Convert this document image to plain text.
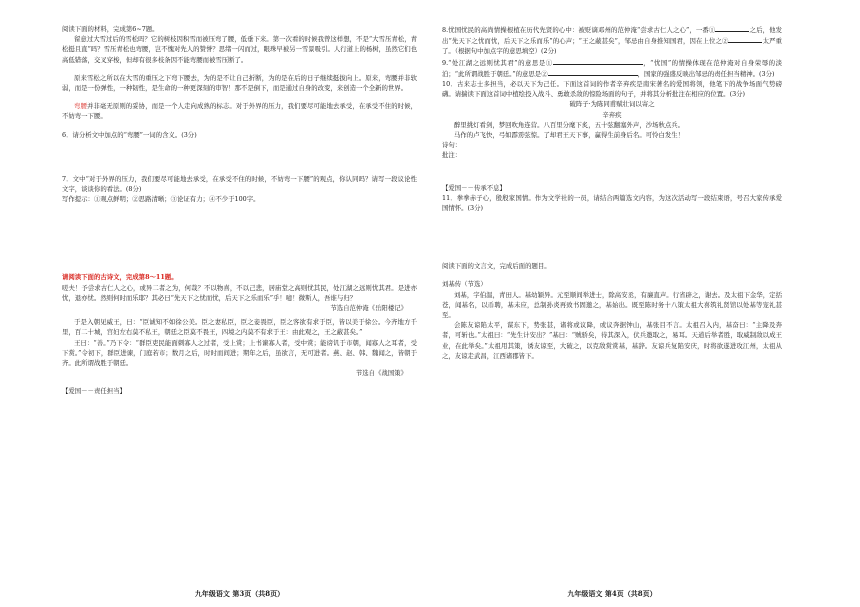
阅读下面的材料，完成第6~7题。

留意过大雪过后的雪松吗？它的树枝因积雪而被压弯了腰，低垂下来。第一次看的时候我曾这样想，不是“大雪压青松，青松挺且直”吗？雪压青松也弯腰，岂不愧对先人的赞誉？思绪一闪而过，眼珠早被另一雪景吸引。人行道上的杨树，虽然它们也高低错落，交叉穿梭，但却有很多枝条因不能弯腰而被雪压断了。

原来雪松之所以在大雪的重压之下弯下腰去，为的是不让自己折断，为的是在后的日子继续挺拔向上。原来，弯腰并非软弱，而是一份弹性，一种韧性，是生命的一种更深刻的审智！那不是倒下，而是通过自身的改变，来创造一个全新的世界。

弯腰并非毫无原则的妥协，而是一个人走向成熟的标志。对于外界的压力，我们要尽可能地去承受，在承受不住的时候，不妨弯一下腰。

6．请分析文中加点的“弯腰”一词的含义。(3分)

7．文中“对于外界的压力，我们要尽可能地去承受，在承受不住的时候，不妨弯一下腰”的观点，你认同吗？请写一段议论性文字，谈谈你的看法。(8分)

写作提示：①观点鲜明；②思路清晰；③论证有力；④不少于100字。

请阅读下面的古诗文，完成第8～11题。

嗟夫！予尝求古仁人之心，或异二者之为，何哉？不以物喜，不以己悲，居庙堂之高则忧其民，处江湖之远则忧其君。是进亦忧，退亦忧。然则何时而乐耶？其必曰“先天下之忧而忧，后天下之乐而乐”乎！噫！微斯人，吾谁与归？

节选自范仲淹《岳阳楼记》

于是入朝见威王，曰：“臣诚知不如徐公美。臣之妻私臣，臣之妾畏臣，臣之客欲有求于臣，皆以美于徐公。今齐地方千里，百二十城，宫妇左右莫不私王，朝廷之臣莫不畏王，四境之内莫不有求于王：由此观之，王之蔽甚矣。”

王曰：“善。”乃下令：“群臣吏民能面刺寡人之过者，受上赏；上书谏寡人者，受中赏；能谤讥于市朝，闻寡人之耳者，受下赏。”令初下，群臣进谏，门庭若市；数月之后，时时而间进；期年之后，虽欲言，无可进者。燕、赵、韩、魏闻之，皆朝于齐。此所谓战胜于朝廷。

节选自《战国策》

【爱国－－责任担当】

九年级语文 第3页（共8页）

8.忧国忧民的高尚情操根植在历代先贤的心中：被贬谪邓州的范仲淹“尝求古仁人之心”，一番①	之后，他发出“先天下之忧而忧，后天下之乐而乐”的心声；“王之蔽甚矣”，邹忌由自身推知国君，因在上位之②	太严重了。（根据句中加点字的意思填空）(2分)

9.“处江湖之远则忧其君”的意思是①	，“忧国”的情操体现在范仲淹对自身荣辱的淡泊；“此所谓战胜于朝廷。”的意思是②	，国家的强盛反映出邹忌的责任担当精神。(3分)

10．古来志士多担当，必以天下为己任。下面这首词的作者辛弃疾是南宋著名的爱国将领，他笔下的战争场面气势磅礴。请揣读下面这首词中植绘投入战斗、勇敢杀敌的惊险场面的句子，并将其分析批注在相应的位置。(3分)

破阵子·为陈同甫赋壮词以寄之

辛弃疾

醉里挑灯看剑，梦回吹角连营。八百里分麾下炙，五十弦翻塞外声，沙场秋点兵。

马作的卢飞快，弓如霹雳弦惊。了却君王天下事，赢得生前身后名。可怜白发生！

诗句：

批注：

【爱国－－传承不息】

11．拳拳赤子心，殷殷家国情。作为文学社的一员，请结合两篇选文内容，为这次活动写一段结束语，号召大家传承爱国情怀。(3分)

阅读下面的文言文，完成后面的题目。

刘基传（节选）

刘基，字伯温，青田人。基幼颖异。元至顺间举进士，除高安丞，有廉直声。行省辟之，谢去。及太祖下金华，定括苍，闻基名，以币聘，基未应，总制孙炎再致书固邀之，基始出。既至陈时务十八策太祖大喜筑礼贤馆以处基等宠礼甚至。

会陈友谅陷太平，谋东下，势张甚，诸将或议降，或议奔据钟山，基张目不言。太祖召入内，基奋曰：“主降及奔者，可斩也。”太祖曰：“先生计安出？”基曰：“贼骄矣，待其深入，伏兵邀取之，易耳。天道后举者胜，取威制敌以成王业，在此举矣。”太祖用其策，诱友谅至，大破之，以克敌赏赏基，基辞。友谅兵复陷安庆，时将欲遂进攻江州，太祖从之，友谅走武昌，江西诸郡皆下。

九年级语文 第4页（共8页）
